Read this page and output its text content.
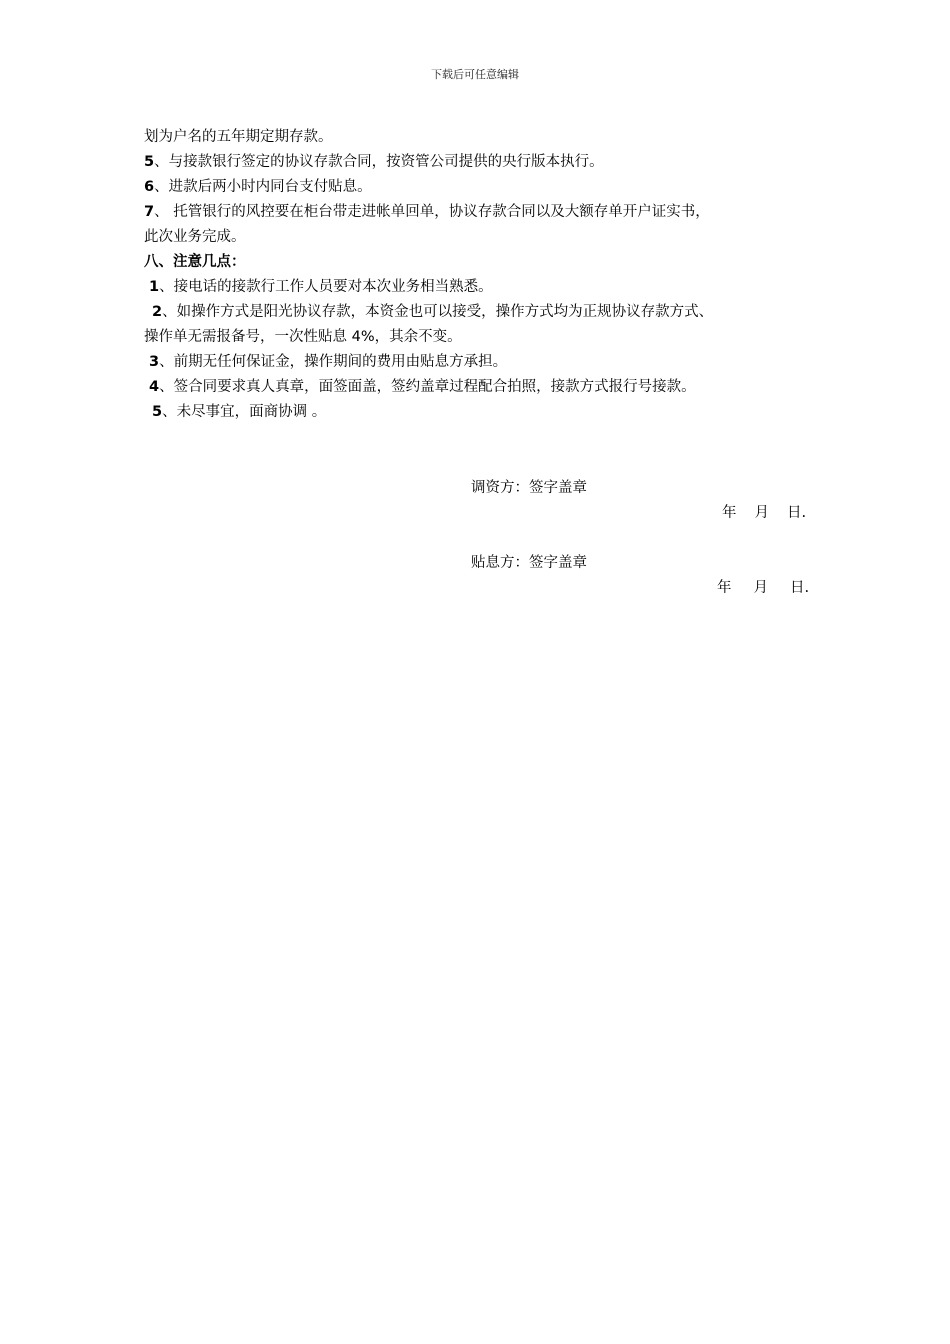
下载后可任意编辑
划为户名的五年期定期存款。
5、与接款银行签定的协议存款合同，按资管公司提供的央行版本执行。
6、进款后两小时内同台支付贴息。
7、 托管银行的风控要在柜台带走进帐单回单，协议存款合同以及大额存单开户证实书，
此次业务完成。
八、注意几点：
1、接电话的接款行工作人员要对本次业务相当熟悉。
2、如操作方式是阳光协议存款，本资金也可以接受，操作方式均为正规协议存款方式、
操作单无需报备号，一次性贴息 4%，其余不变。
3、前期无任何保证金，操作期间的费用由贴息方承担。
4、签合同要求真人真章，面签面盖，签约盖章过程配合拍照，接款方式报行号接款。
5、未尽事宜，面商协调 。
调资方：签字盖章
年 月 日.
贴息方：签字盖章
年 月 日.
